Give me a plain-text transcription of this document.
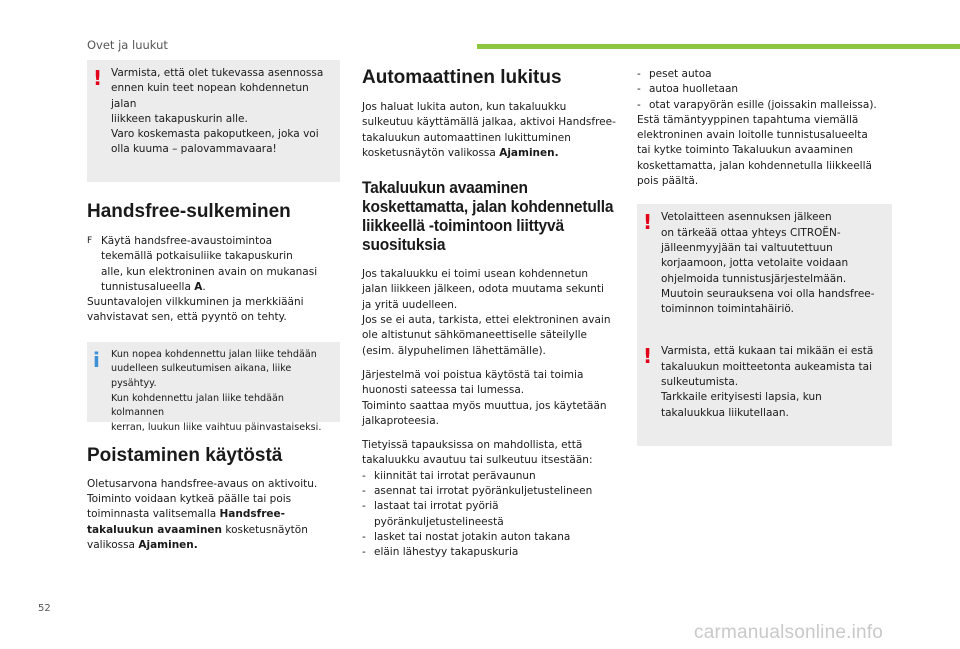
Ovet ja luukut
! Varmista, että olet tukevassa asennossa
ennen kuin teet nopean kohdennetun jalan
liikkeen takapuskurin alle.
Varo koskemasta pakoputkeen, joka voi
olla kuuma – palovammavaara!

Handsfree-sulkeminen
F Käytä handsfree-avaustoimintoa
tekemällä potkaisuliike takapuskurin
alle, kun elektroninen avain on mukanasi
tunnistusalueella A.

Suuntavalojen vilkkuminen ja merkkiääni
vahvistavat sen, että pyyntö on tehty.

i Kun nopea kohdennettu jalan liike tehdään
uudelleen sulkeutumisen aikana, liike pysähtyy.
Kun kohdennettu jalan liike tehdään kolmannen
kerran, luukun liike vaihtuu päinvastaiseksi.

Poistaminen käytöstä

Oletusarvona handsfree-avaus on aktivoitu.
Toiminto voidaan kytkeä päälle tai pois
toiminnasta valitsemalla Handsfree-
takaluukun avaaminen kosketusnäytön
valikossa Ajaminen.

Automaattinen lukitus

Jos haluat lukita auton, kun takaluukku
sulkeutuu käyttämällä jalkaa, aktivoi Handsfree-
takaluukun automaattinen lukittuminen
kosketusnäytön valikossa Ajaminen.

Takaluukun avaaminen
koskettamatta, jalan kohdennetulla
liikkeellä -toimintoon liittyvä
suosituksia

Jos takaluukku ei toimi usean kohdennetun
jalan liikkeen jälkeen, odota muutama sekunti
ja yritä uudelleen.
Jos se ei auta, tarkista, ettei elektroninen avain
ole altistunut sähkömaneettiselle säteilylle
(esim. älypuhelimen lähettämälle).

Järjestelmä voi poistua käytöstä tai toimia
huonosti sateessa tai lumessa.
Toiminto saattaa myös muuttua, jos käytetään
jalkaproteesia.

Tietyissä tapauksissa on mahdollista, että
takaluukku avautuu tai sulkeutuu itsestään:

- kiinnität tai irrotat perävaunun
- asennat tai irrotat pyöränkuljetustelineen
- lastaat tai irrotat pyöriä
pyöränkuljetustelineestä
- lasket tai nostat jotakin auton takana
- eläin lähestyy takapuskuria
- peset autoa
- autoa huolletaan
- otat varapyörän esille (joissakin malleissa).

Estä tämäntyyppinen tapahtuma viemällä
elektroninen avain loitolle tunnistusalueelta
tai kytke toiminto Takaluukun avaaminen
koskettamatta, jalan kohdennetulla liikkeellä
pois päältä.

! Vetolaitteen asennuksen jälkeen
on tärkeää ottaa yhteys CITROËN-
jälleenmyyjään tai valtuutettuun
korjaamoon, jotta vetolaite voidaan
ohjelmoida tunnistusjärjestelmään.
Muutoin seurauksena voi olla handsfree-
toiminnon toimintahäiriö.

! Varmista, että kukaan tai mikään ei estä
takaluukun moitteetonta aukeamista tai
sulkeutumista.
Tarkkaile erityisesti lapsia, kun
takaluukkua liikutellaan.

52
carmanualsonline.info
